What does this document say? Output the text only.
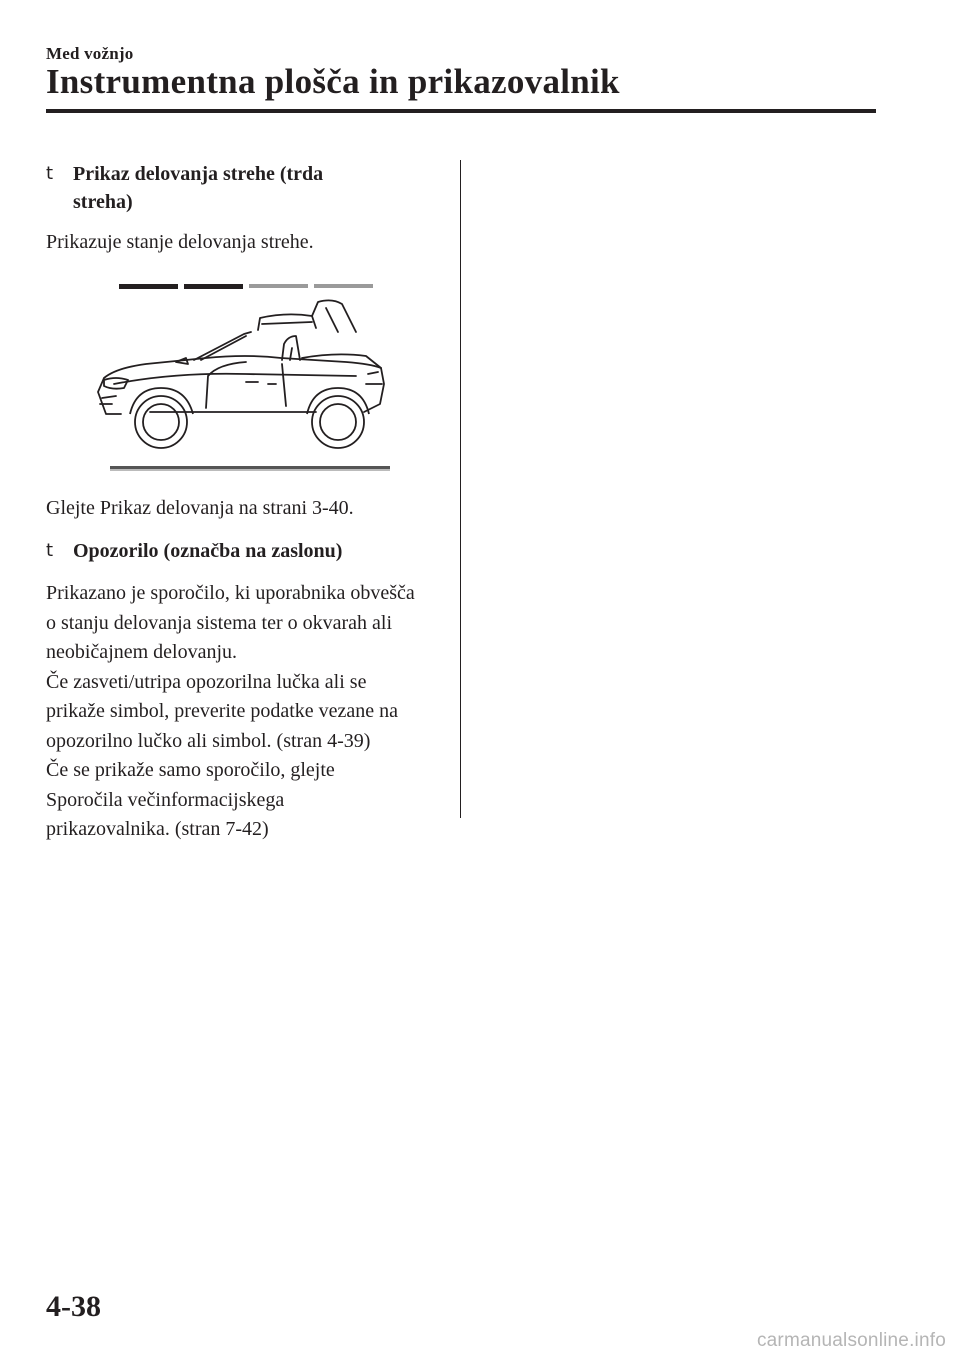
Med vožnjo
Instrumentna plošča in prikazovalnik
t Prikaz delovanja strehe (trda streha)

Prikazuje stanje delovanja strehe.

Glejte Prikaz delovanja na strani 3-40.

t Opozorilo (označba na zaslonu)

Prikazano je sporočilo, ki uporabnika obvešča o stanju delovanja sistema ter o okvarah ali neobičajnem delovanju.

Če zasveti/utripa opozorilna lučka ali se prikaže simbol, preverite podatke vezane na opozorilno lučko ali simbol. (stran 4-39)

Če se prikaže samo sporočilo, glejte Sporočila večinformacijskega prikazovalnika. (stran 7-42)

4-38
carmanualsonline.info
